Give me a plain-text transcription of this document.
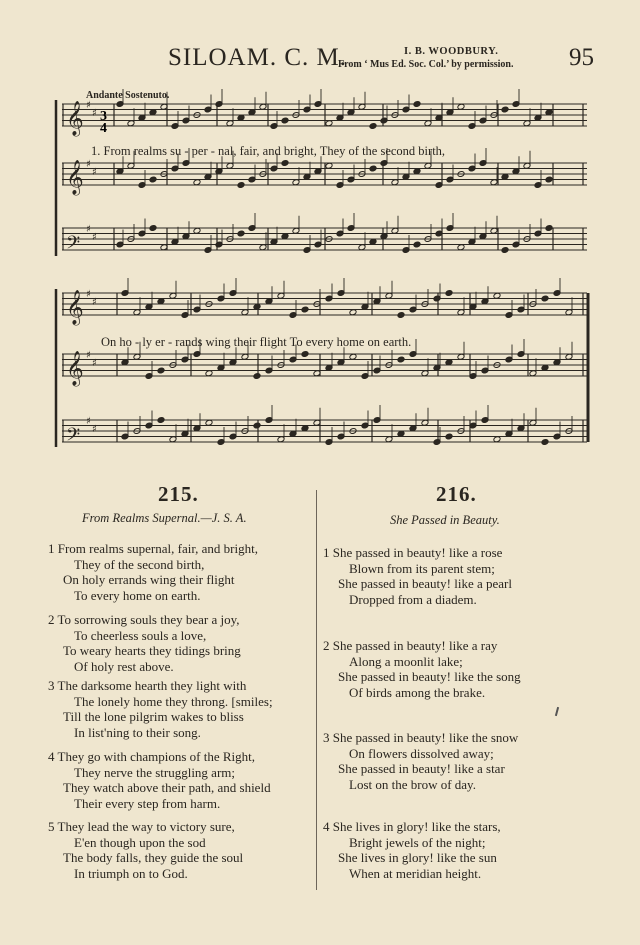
SILOAM. C. M.	I. B. WOODBURY.
From ‘ Mus Ed. Soc. Col.’ by permission. 95
Andante Sostenuto.
𝄞 ♯
♯
𝄞 ♯
♯
𝄢
♯
♯
𝄞 ♯
♯
𝄞 ♯
♯
𝄢
♯
♯
3
4
1. From realms su - per - nal, fair, and bright, They of the second birth,
On ho - ly er - rands wing their flight To every home on earth.
215.
From Realms Supernal.—J. S. A.
1 From realms supernal, fair, and bright,
They of the second birth,
On holy errands wing their flight
To every home on earth.
2 To sorrowing souls they bear a joy,
To cheerless souls a love,
To weary hearts they tidings bring
Of holy rest above.
3 The darksome hearth they light with
The lonely home they throng. [smiles;
Till the lone pilgrim wakes to bliss
In list'ning to their song.
4 They go with champions of the Right,
They nerve the struggling arm;
They watch above their path, and shield
Their every step from harm.
5 They lead the way to victory sure,
E'en though upon the sod
The body falls, they guide the soul
In triumph on to God.
216.
She Passed in Beauty.
1 She passed in beauty! like a rose
Blown from its parent stem;
She passed in beauty! like a pearl
Dropped from a diadem.
2 She passed in beauty! like a ray
Along a moonlit lake;
She passed in beauty! like the song
Of birds among the brake.
3 She passed in beauty! like the snow
On flowers dissolved away;
She passed in beauty! like a star
Lost on the brow of day.
4 She lives in glory! like the stars,
Bright jewels of the night;
She lives in glory! like the sun
When at meridian height.
